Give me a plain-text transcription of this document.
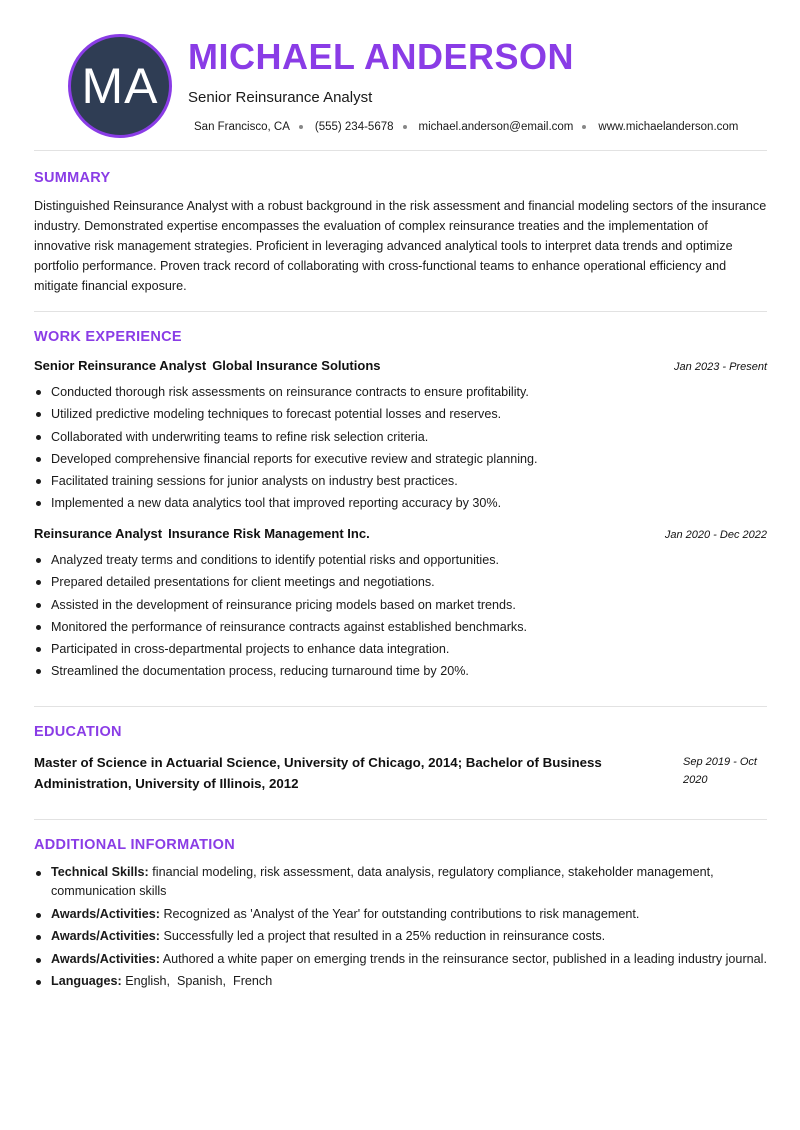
MA
MICHAEL ANDERSON
Senior Reinsurance Analyst
San Francisco, CA (555) 234-5678 michael.anderson@email.com www.michaelanderson.com
SUMMARY
Distinguished Reinsurance Analyst with a robust background in the risk assessment and financial modeling sectors of the insurance industry. Demonstrated expertise encompasses the evaluation of complex reinsurance treaties and the implementation of innovative risk management strategies. Proficient in leveraging advanced analytical tools to interpret data trends and optimize portfolio performance. Proven track record of collaborating with cross-functional teams to enhance operational efficiency and mitigate financial exposure.
WORK EXPERIENCE
Senior Reinsurance Analyst Global Insurance Solutions	Jan 2023 - Present
Conducted thorough risk assessments on reinsurance contracts to ensure profitability.
Utilized predictive modeling techniques to forecast potential losses and reserves.
Collaborated with underwriting teams to refine risk selection criteria.
Developed comprehensive financial reports for executive review and strategic planning.
Facilitated training sessions for junior analysts on industry best practices.
Implemented a new data analytics tool that improved reporting accuracy by 30%.
Reinsurance Analyst Insurance Risk Management Inc.	Jan 2020 - Dec 2022
Analyzed treaty terms and conditions to identify potential risks and opportunities.
Prepared detailed presentations for client meetings and negotiations.
Assisted in the development of reinsurance pricing models based on market trends.
Monitored the performance of reinsurance contracts against established benchmarks.
Participated in cross-departmental projects to enhance data integration.
Streamlined the documentation process, reducing turnaround time by 20%.
EDUCATION
Master of Science in Actuarial Science, University of Chicago, 2014; Bachelor of Business Administration, University of Illinois, 2012
Sep 2019 - Oct 2020
ADDITIONAL INFORMATION
Technical Skills: financial modeling, risk assessment, data analysis, regulatory compliance, stakeholder management, communication skills
Awards/Activities: Recognized as 'Analyst of the Year' for outstanding contributions to risk management.
Awards/Activities: Successfully led a project that resulted in a 25% reduction in reinsurance costs.
Awards/Activities: Authored a white paper on emerging trends in the reinsurance sector, published in a leading industry journal.
Languages: English,  Spanish,  French
